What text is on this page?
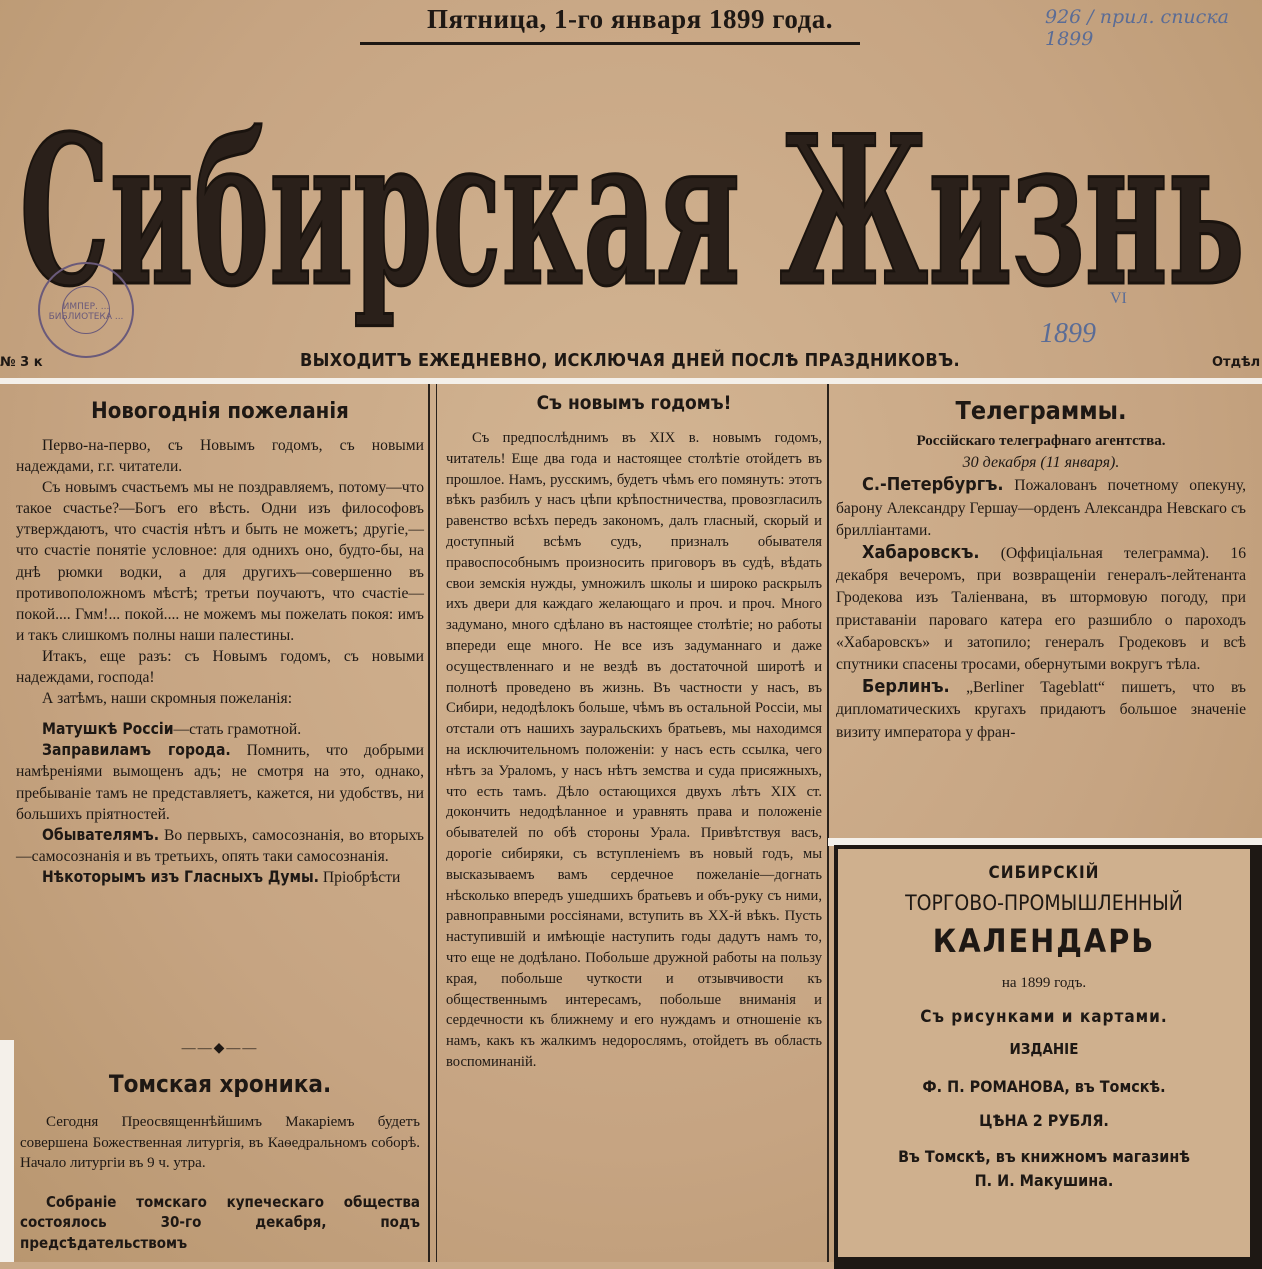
Пятница, 1-го января 1899 года.	926 / прил. списка 1899
Сибирская Жизнь
ИМПЕР. ... БИБЛИОТЕКА ...
VI
1899
№ 3 к	ВЫХОДИТЪ ЕЖЕДНЕВНО, ИСКЛЮЧАЯ ДНЕЙ ПОСЛѢ ПРАЗДНИКОВЪ.	Отдѣл
Новогоднія пожеланія

Перво-на-перво, съ Новымъ годомъ, съ новыми надеждами, г.г. читатели.

Съ новымъ счастьемъ мы не поздравляемъ, потому—что такое счастье?—Богъ его вѣсть. Одни изъ философовъ утверждаютъ, что счастія нѣтъ и быть не можетъ; другіе,—что счастіе понятіе условное: для однихъ оно, будто-бы, на днѣ рюмки водки, а для другихъ—совершенно въ противоположномъ мѣстѣ; третьи поучаютъ, что счастіе—покой.... Гмм!... покой.... не можемъ мы пожелать покоя: имъ и такъ слишкомъ полны наши палестины.

Итакъ, еще разъ: съ Новымъ годомъ, съ новыми надеждами, господа!

А затѣмъ, наши скромныя пожеланія:

Матушкѣ Россіи—стать грамотной.

Заправиламъ города. Помнить, что добрыми намѣреніями вымощенъ адъ; не смотря на это, однако, пребываніе тамъ не представляетъ, кажется, ни удобствъ, ни большихъ пріятностей.

Обывателямъ. Во первыхъ, самосознанія, во вторыхъ—самосознанія и въ третьихъ, опять таки самосознанія.

Нѣкоторымъ изъ Гласныхъ Думы. Пріобрѣсти

——◆——
Томская хроника.

Сегодня Преосвященнѣйшимъ Макаріемъ будетъ совершена Божественная литургія, въ Каѳедральномъ соборѣ. Начало литургіи въ 9 ч. утра.

Собраніе томскаго купеческаго общества состоялось 30-го декабря, подъ предсѣдательствомъ

Съ новымъ годомъ!

Съ предпослѣднимъ въ XIX в. новымъ годомъ, читатель! Еще два года и настоящее столѣтіе отойдетъ въ прошлое. Намъ, русскимъ, будетъ чѣмъ его помянуть: этотъ вѣкъ разбилъ у насъ цѣпи крѣпостничества, провозгласилъ равенство всѣхъ передъ закономъ, далъ гласный, скорый и доступный всѣмъ судъ, призналъ обывателя правоспособнымъ произносить приговоръ въ судѣ, вѣдать свои земскія нужды, умножилъ школы и широко раскрылъ ихъ двери для каждаго желающаго и проч. и проч. Много задумано, много сдѣлано въ настоящее столѣтіе; но работы впереди еще много. Не все изъ задуманнаго и даже осуществленнаго и не вездѣ въ достаточной широтѣ и полнотѣ проведено въ жизнь. Въ частности у насъ, въ Сибири, недодѣлокъ больше, чѣмъ въ остальной Россіи, мы отстали отъ нашихъ зауральскихъ братьевъ, мы находимся на исключительномъ положеніи: у насъ есть ссылка, чего нѣтъ за Ураломъ, у насъ нѣтъ земства и суда присяжныхъ, что есть тамъ. Дѣло остающихся двухъ лѣтъ XIX ст. докончить недодѣланное и уравнять права и положеніе обывателей по обѣ стороны Урала. Привѣтствуя васъ, дорогіе сибиряки, съ вступленіемъ въ новый годъ, мы высказываемъ вамъ сердечное пожеланіе—догнать нѣсколько впередъ ушедшихъ братьевъ и объ-руку съ ними, равноправными россіянами, вступить въ XX-й вѣкъ. Пусть наступившій и имѣющіе наступить годы дадутъ намъ то, что еще не додѣлано. Побольше дружной работы на пользу края, побольше чуткости и отзывчивости къ общественнымъ интересамъ, побольше вниманія и сердечности къ ближнему и его нуждамъ и отношеніе къ намъ, какъ къ жалкимъ недорослямъ, отойдетъ въ область воспоминаній.

Телеграммы.
Россійскаго телеграфнаго агентства.
30 декабря (11 января).

С.-Петербургъ. Пожалованъ почетному опекуну, барону Александру Гершау—орденъ Александра Невскаго съ бриллiантами.

Хабаровскъ. (Оффиціальная телеграмма). 16 декабря вечеромъ, при возвращеніи генералъ-лейтенанта Гродекова изъ Таліенвана, въ штормовую погоду, при приставаніи пароваго катера его разшибло о пароходъ «Хабаровскъ» и затопило; генералъ Гродековъ и всѣ спутники спасены тросами, обернутыми вокругъ тѣла.

Берлинъ. „Berliner Tageblatt“ пишетъ, что въ дипломатическихъ кругахъ придаютъ большое значеніе визиту императора у фран-

СИБИРСКІЙ
ТОРГОВО-ПРОМЫШЛЕННЫЙ
КАЛЕНДАРЬ
на 1899 годъ.
Съ рисунками и картами.
ИЗДАНІЕ
Ф. П. РОМАНОВА, въ Томскѣ.
ЦѢНА 2 РУБЛЯ.
Въ Томскѣ, въ книжномъ магазинѣ
П. И. Макушина.
